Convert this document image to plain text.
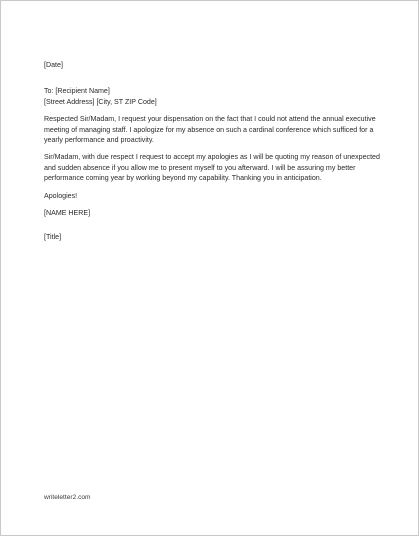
[Date]

To: [Recipient Name]

[Street Address] [City, ST ZIP Code]

Respected Sir/Madam, I request your dispensation on the fact that I could not attend the annual executive meeting of managing staff. I apologize for my absence on such a cardinal conference which sufficed for a yearly performance and proactivity.

Sir/Madam, with due respect I request to accept my apologies as I will be quoting my reason of unexpected and sudden absence if you allow me to present myself to you afterward. I will be assuring my better performance coming year by working beyond my capability. Thanking you in anticipation.

Apologies!

[NAME HERE]

[Title]

writeletter2.com
